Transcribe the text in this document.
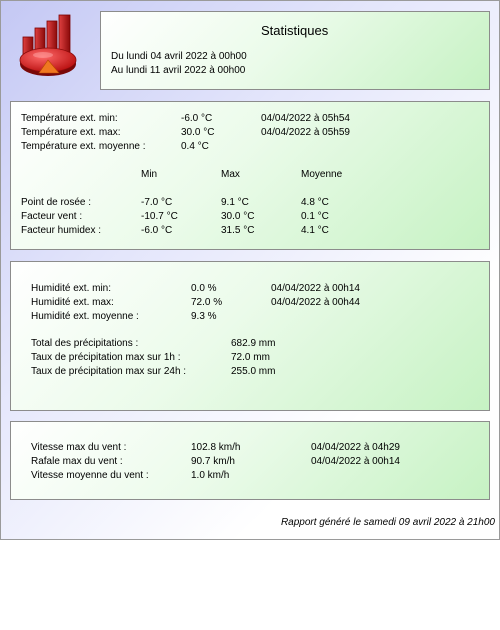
Statistiques
Du lundi 04 avril 2022 à 00h00
Au lundi 11 avril 2022 à 00h00
Température ext. min:	-6.0 °C	04/04/2022 à 05h54
Température ext. max:	30.0 °C	04/04/2022 à 05h59
Température ext. moyenne :	0.4 °C
Min	Max	Moyenne
Point de rosée :	-7.0 °C	9.1 °C	4.8 °C
Facteur vent :	-10.7 °C	30.0 °C	0.1 °C
Facteur humidex :	-6.0 °C	31.5 °C	4.1 °C
Humidité ext. min:	0.0 %	04/04/2022 à 00h14
Humidité ext. max:	72.0 %	04/04/2022 à 00h44
Humidité ext. moyenne :	9.3 %
Total des précipitations :	682.9 mm
Taux de précipitation max sur 1h :	72.0 mm
Taux de précipitation max sur 24h :	255.0 mm
Vitesse max du vent :	102.8 km/h	04/04/2022 à 04h29
Rafale max du vent :	90.7 km/h	04/04/2022 à 00h14
Vitesse moyenne du vent :	1.0 km/h
Rapport généré le samedi 09 avril 2022 à 21h00
